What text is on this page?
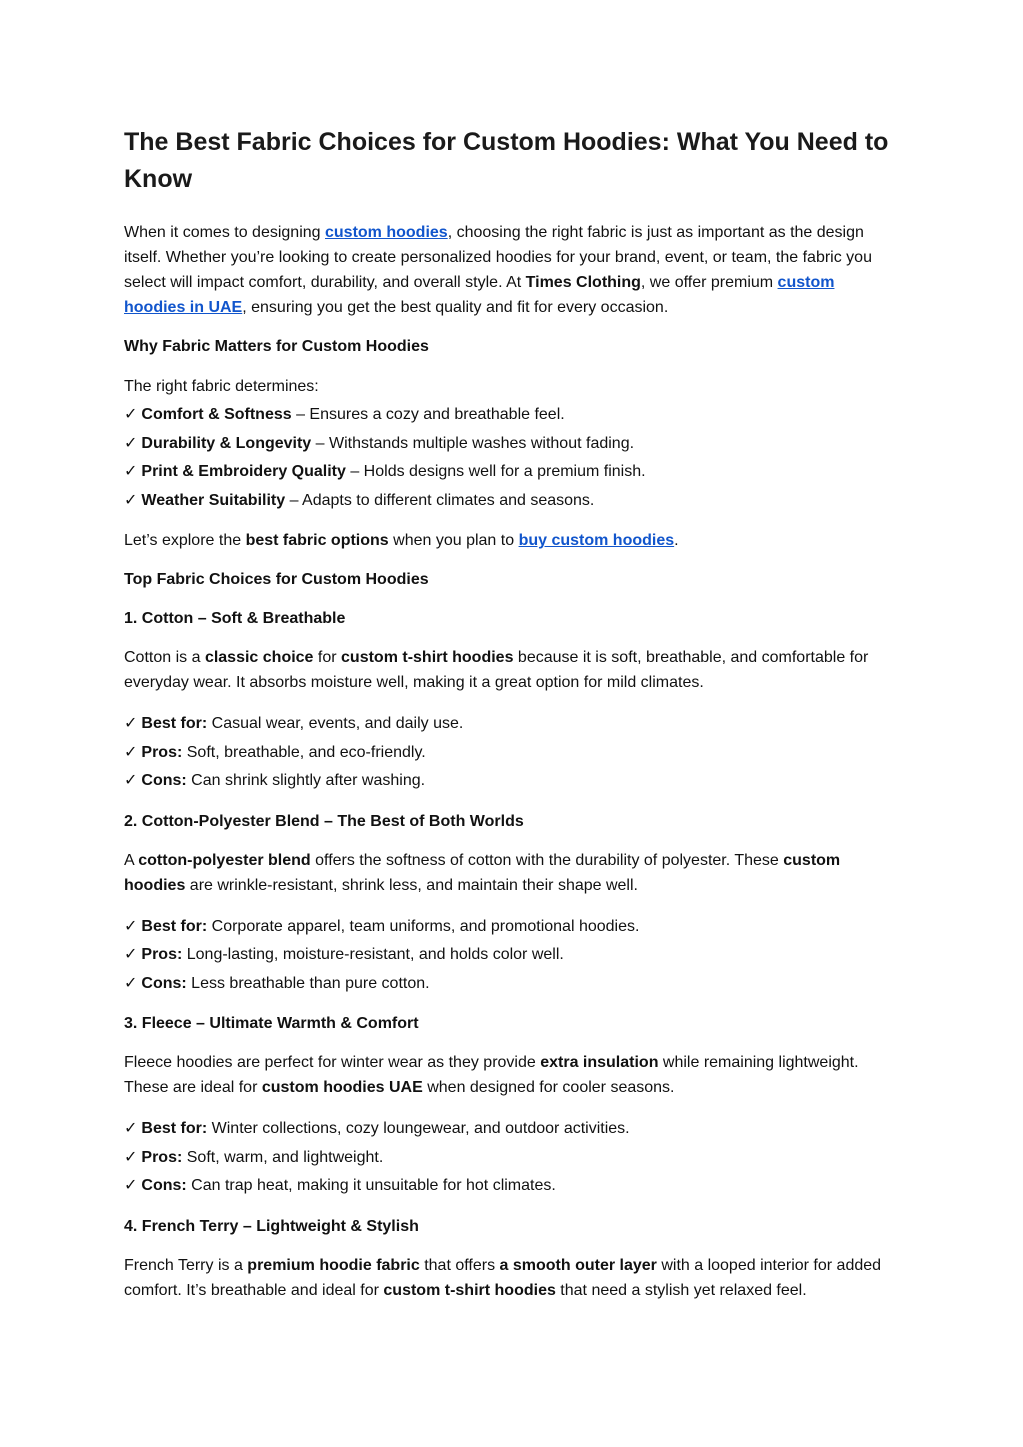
The Best Fabric Choices for Custom Hoodies: What You Need to Know

When it comes to designing custom hoodies, choosing the right fabric is just as important as the design itself. Whether you’re looking to create personalized hoodies for your brand, event, or team, the fabric you select will impact comfort, durability, and overall style. At Times Clothing, we offer premium custom hoodies in UAE, ensuring you get the best quality and fit for every occasion.

Why Fabric Matters for Custom Hoodies

The right fabric determines:

✓ Comfort & Softness – Ensures a cozy and breathable feel.
✓ Durability & Longevity – Withstands multiple washes without fading.
✓ Print & Embroidery Quality – Holds designs well for a premium finish.
✓ Weather Suitability – Adapts to different climates and seasons.

Let’s explore the best fabric options when you plan to buy custom hoodies.

Top Fabric Choices for Custom Hoodies
1. Cotton – Soft & Breathable

Cotton is a classic choice for custom t-shirt hoodies because it is soft, breathable, and comfortable for everyday wear. It absorbs moisture well, making it a great option for mild climates.

✓ Best for: Casual wear, events, and daily use.
✓ Pros: Soft, breathable, and eco-friendly.
✓ Cons: Can shrink slightly after washing.
2. Cotton-Polyester Blend – The Best of Both Worlds

A cotton-polyester blend offers the softness of cotton with the durability of polyester. These custom hoodies are wrinkle-resistant, shrink less, and maintain their shape well.

✓ Best for: Corporate apparel, team uniforms, and promotional hoodies.
✓ Pros: Long-lasting, moisture-resistant, and holds color well.
✓ Cons: Less breathable than pure cotton.
3. Fleece – Ultimate Warmth & Comfort

Fleece hoodies are perfect for winter wear as they provide extra insulation while remaining lightweight. These are ideal for custom hoodies UAE when designed for cooler seasons.

✓ Best for: Winter collections, cozy loungewear, and outdoor activities.
✓ Pros: Soft, warm, and lightweight.
✓ Cons: Can trap heat, making it unsuitable for hot climates.
4. French Terry – Lightweight & Stylish

French Terry is a premium hoodie fabric that offers a smooth outer layer with a looped interior for added comfort. It’s breathable and ideal for custom t-shirt hoodies that need a stylish yet relaxed feel.
